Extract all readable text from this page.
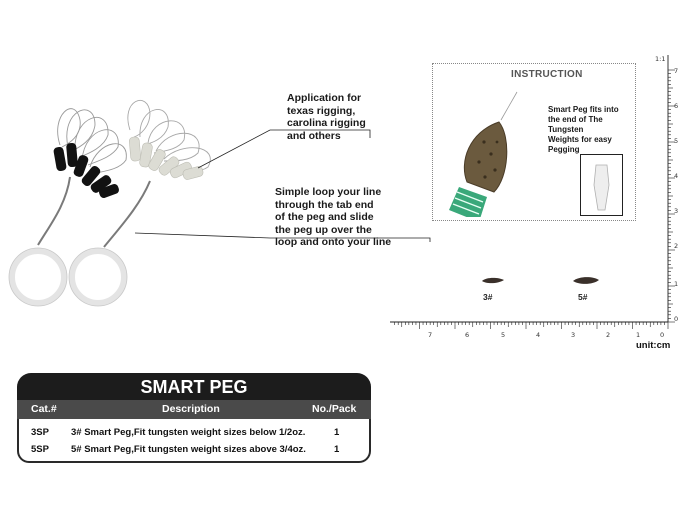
Application for
texas rigging,
carolina rigging
and others
Simple loop your line
through the tab end
of the peg and slide
the peg up over the
loop and onto your line
INSTRUCTION
Smart Peg fits into
the end of The Tungsten
Weights for easy
Pegging
1:1
7
6
5
4
3
2
1
0
7	6	5	4	3	2	1	0
unit:cm
3#	5#
SMART PEG
Cat.#	Description	No./Pack
3SP 3# Smart Peg,Fit tungsten weight sizes below 1/2oz.	1
5SP 5# Smart Peg,Fit tungsten weight sizes above 3/4oz.	1
